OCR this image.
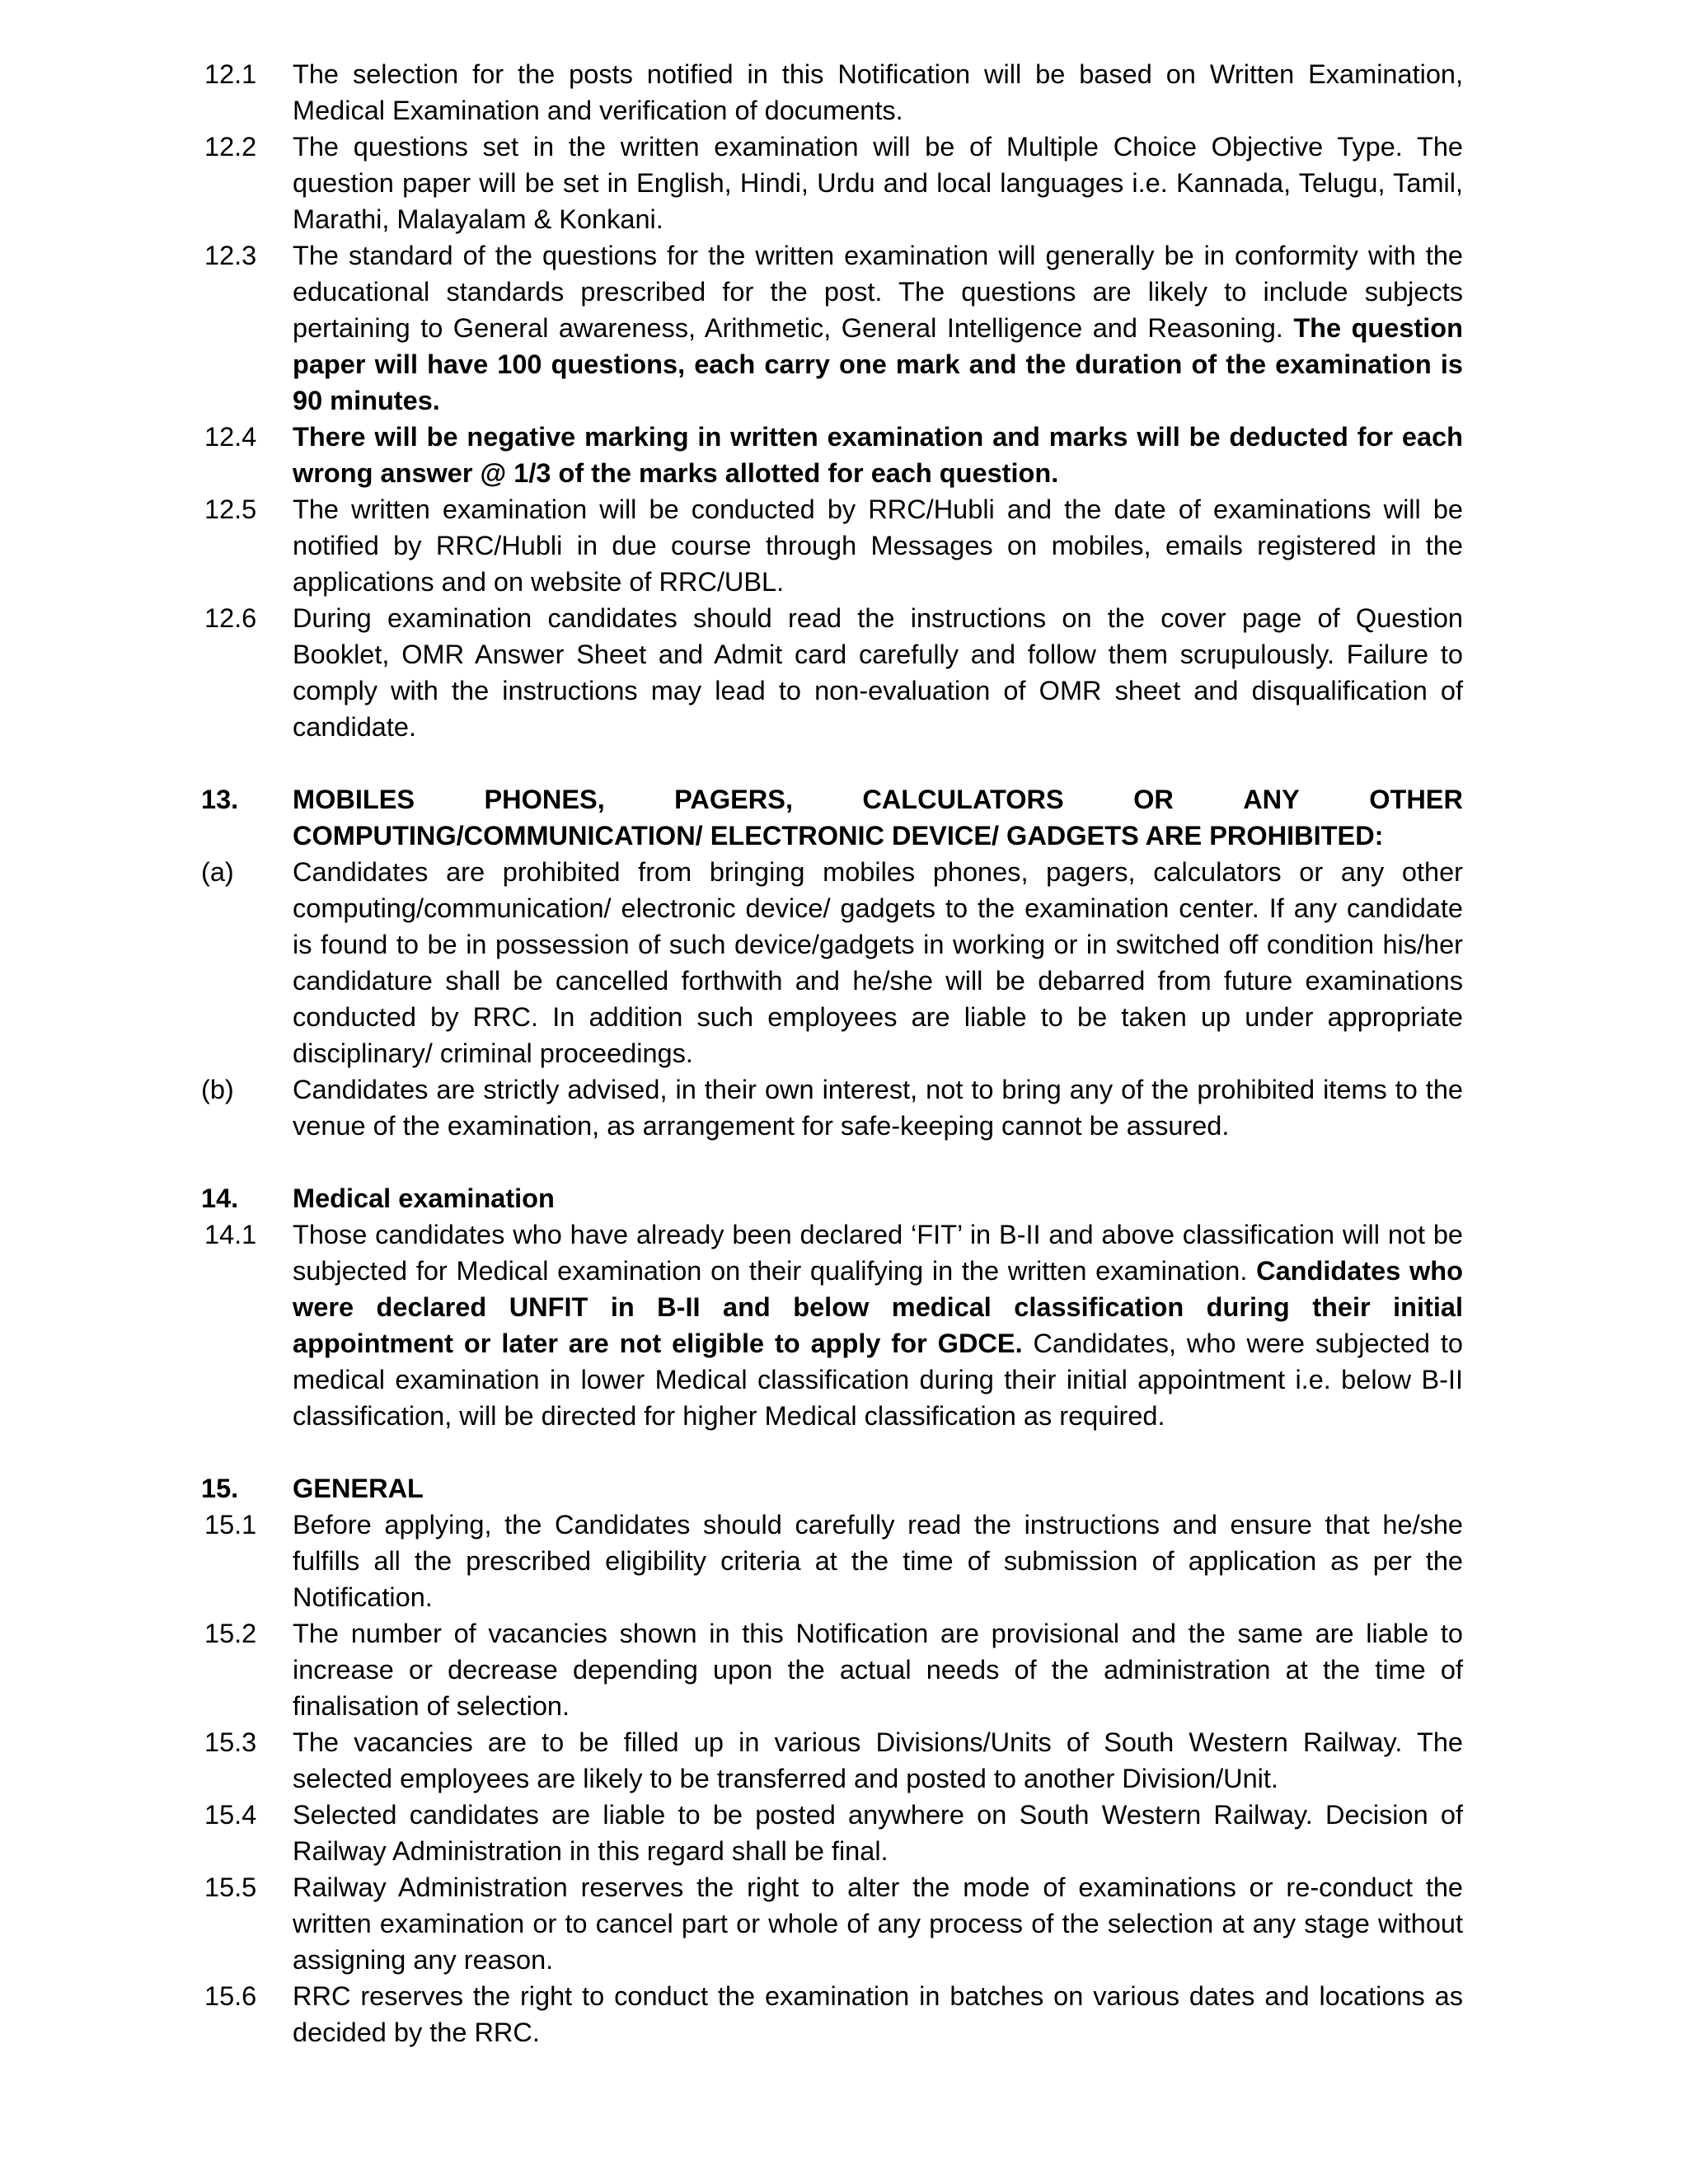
12.1	The selection for the posts notified in this Notification will be based on Written Examination, Medical Examination and verification of documents.
12.2	The questions set in the written examination will be of Multiple Choice Objective Type. The question paper will be set in English, Hindi, Urdu and local languages i.e. Kannada, Telugu, Tamil, Marathi, Malayalam & Konkani.
12.3	The standard of the questions for the written examination will generally be in conformity with the educational standards prescribed for the post. The questions are likely to include subjects pertaining to General awareness, Arithmetic, General Intelligence and Reasoning. The question paper will have 100 questions, each carry one mark and the duration of the examination is 90 minutes.
12.4	There will be negative marking in written examination and marks will be deducted for each wrong answer @ 1/3 of the marks allotted for each question.
12.5	The written examination will be conducted by RRC/Hubli and the date of examinations will be notified by RRC/Hubli in due course through Messages on mobiles, emails registered in the applications and on website of RRC/UBL.
12.6	During examination candidates should read the instructions on the cover page of Question Booklet, OMR Answer Sheet and Admit card carefully and follow them scrupulously. Failure to comply with the instructions may lead to non-evaluation of OMR sheet and disqualification of candidate.
13.	MOBILES	PHONES,	PAGERS,	CALCULATORS	OR	ANY	OTHER
COMPUTING/COMMUNICATION/ ELECTRONIC DEVICE/ GADGETS ARE PROHIBITED:
(a)	Candidates are prohibited from bringing mobiles phones, pagers, calculators or any other computing/communication/ electronic device/ gadgets to the examination center. If any candidate is found to be in possession of such device/gadgets in working or in switched off condition his/her candidature shall be cancelled forthwith and he/she will be debarred from future examinations conducted by RRC. In addition such employees are liable to be taken up under appropriate disciplinary/ criminal proceedings.
(b)	Candidates are strictly advised, in their own interest, not to bring any of the prohibited items to the venue of the examination, as arrangement for safe-keeping cannot be assured.
14.	Medical examination
14.1	Those candidates who have already been declared ‘FIT’ in B-II and above classification will not be subjected for Medical examination on their qualifying in the written examination. Candidates who were declared UNFIT in B-II and below medical classification during their initial appointment or later are not eligible to apply for GDCE. Candidates, who were subjected to medical examination in lower Medical classification during their initial appointment i.e. below B-II classification, will be directed for higher Medical classification as required.
15.	GENERAL
15.1	Before applying, the Candidates should carefully read the instructions and ensure that he/she fulfills all the prescribed eligibility criteria at the time of submission of application as per the Notification.
15.2	The number of vacancies shown in this Notification are provisional and the same are liable to increase or decrease depending upon the actual needs of the administration at the time of finalisation of selection.
15.3	The vacancies are to be filled up in various Divisions/Units of South Western Railway. The selected employees are likely to be transferred and posted to another Division/Unit.
15.4	Selected candidates are liable to be posted anywhere on South Western Railway. Decision of Railway Administration in this regard shall be final.
15.5	Railway Administration reserves the right to alter the mode of examinations or re-conduct the written examination or to cancel part or whole of any process of the selection at any stage without assigning any reason.
15.6	RRC reserves the right to conduct the examination in batches on various dates and locations as decided by the RRC.
